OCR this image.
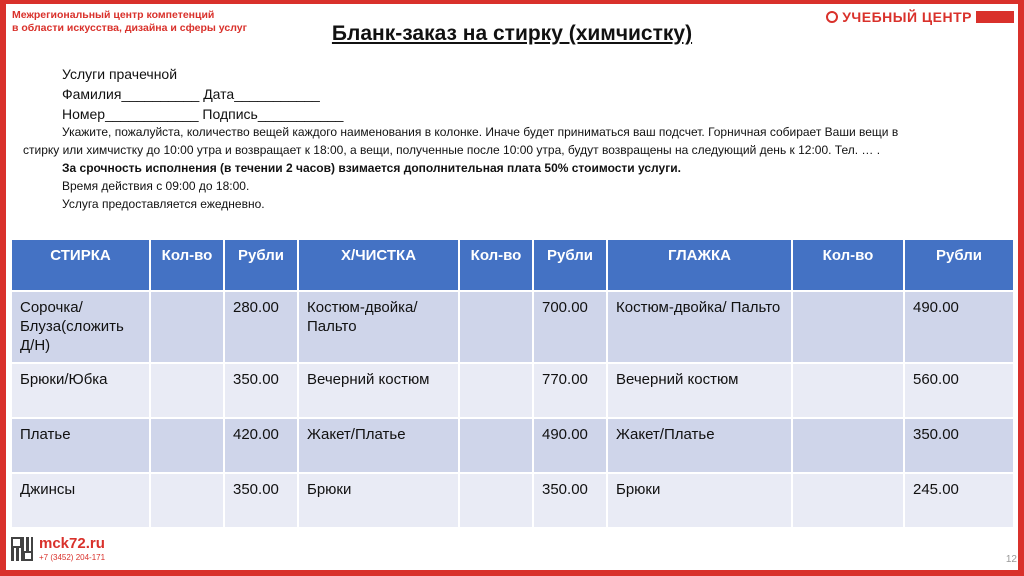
Межрегиональный центр компетенций
в области искусства, дизайна и сферы услуг
УЧЕБНЫЙ ЦЕНТР

Бланк-заказ на стирку (химчистку)
Услуги прачечной
Фамилия__________ Дата___________
Номер____________ Подпись___________

Укажите, пожалуйста, количество вещей каждого наименования в колонке. Иначе будет приниматься ваш подсчет. Горничная собирает Ваши вещи в стирку или химчистку до 10:00 утра и возвращает к 18:00, а вещи, полученные после 10:00 утра, будут возвращены на следующий день к 12:00. Тел. … .

За срочность исполнения (в течении 2 часов) взимается дополнительная плата 50% стоимости услуги.

Время действия с 09:00 до 18:00.

Услуга предоставляется ежедневно.

СТИРКА	Кол-во	Рубли	Х/ЧИСТКА	Кол-во	Рубли	ГЛАЖКА	Кол-во	Рубли
Сорочка/ Блуза(сложить Д/Н)		280.00	Костюм-двойка/ Пальто		700.00	Костюм-двойка/ Пальто		490.00
Брюки/Юбка		350.00	Вечерний костюм		770.00	Вечерний костюм		560.00
Платье		420.00	Жакет/Платье		490.00	Жакет/Платье		350.00
Джинсы		350.00	Брюки		350.00	Брюки		245.00
mck72.ru
+7 (3452) 204-171	12
